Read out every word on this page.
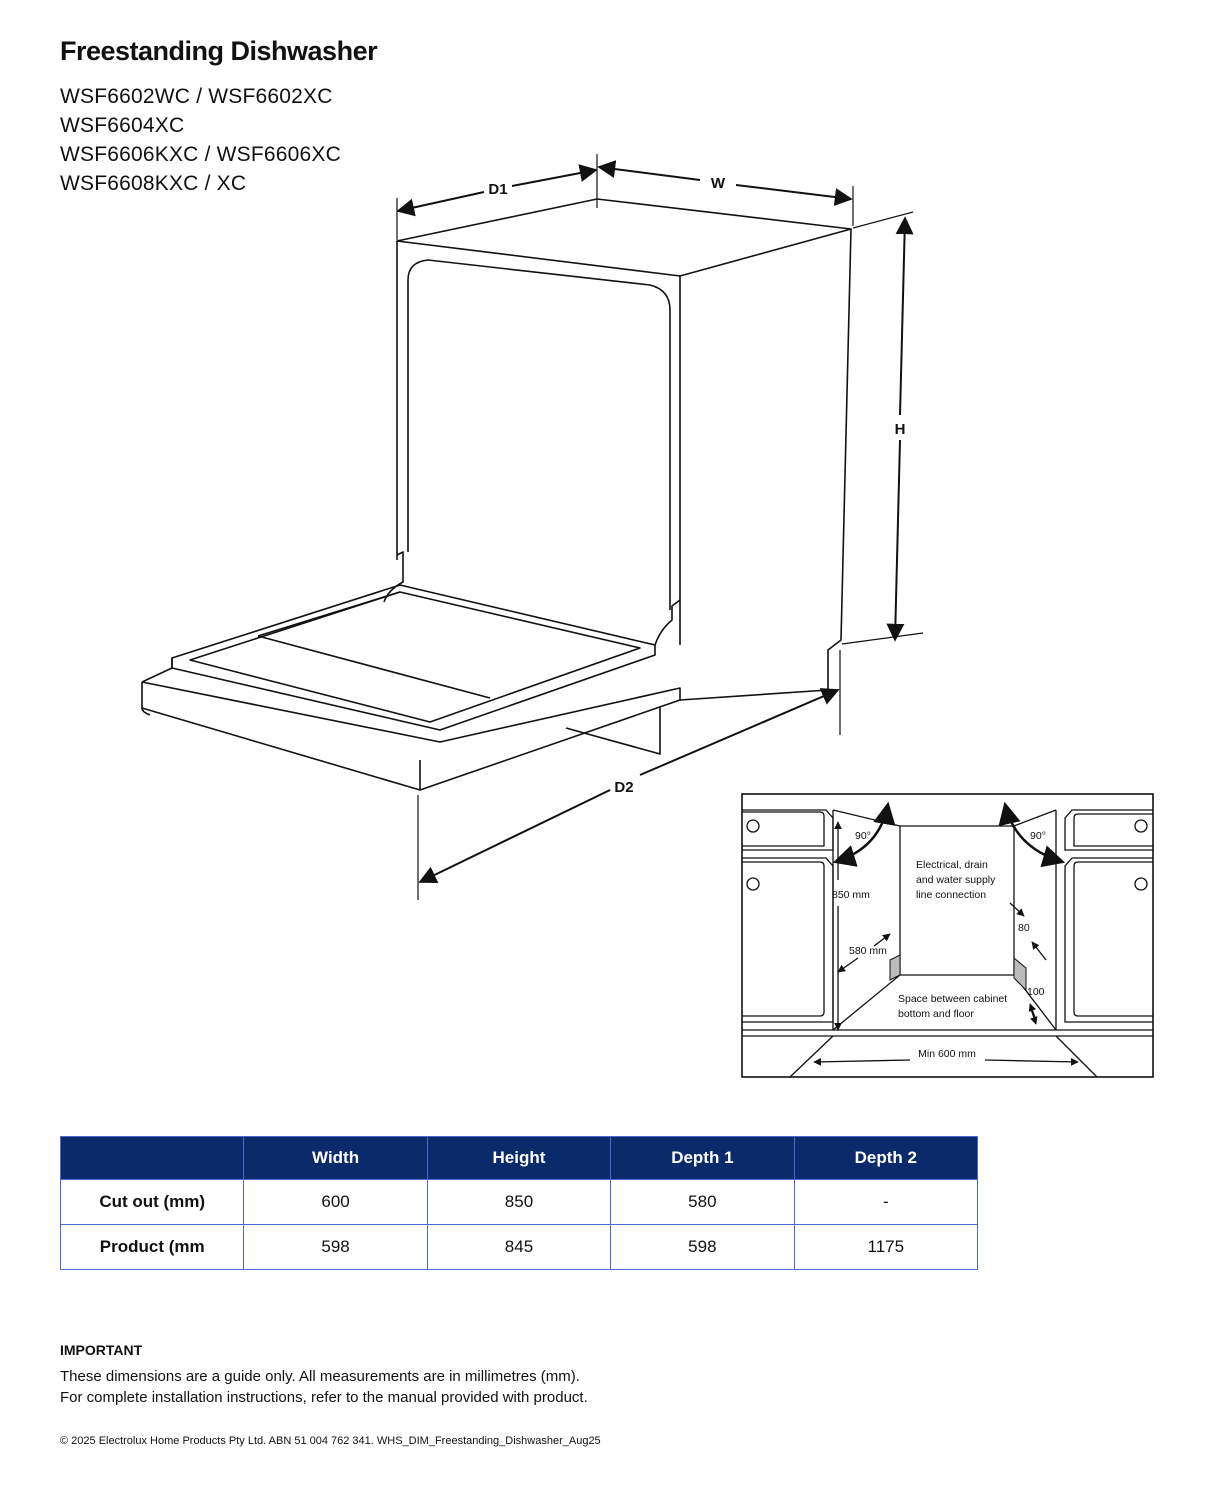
Freestanding Dishwasher
WSF6602WC / WSF6602XC
WSF6604XC
WSF6606KXC / WSF6606XC
WSF6608KXC / XC	D1	W
H
D2
90°	90°
850 mm
580 mm
Electrical, drain
and water supply
line connection
80
100
Space between cabinet
bottom and floor
Min 600 mm
	Width	Height	Depth 1	Depth 2
Cut out (mm)	600	850	580	-
Product (mm	598	845	598	1175
IMPORTANT
These dimensions are a guide only. All measurements are in millimetres (mm).
For complete installation instructions, refer to the manual provided with product.
© 2025 Electrolux Home Products Pty Ltd. ABN 51 004 762 341. WHS_DIM_Freestanding_Dishwasher_Aug25
